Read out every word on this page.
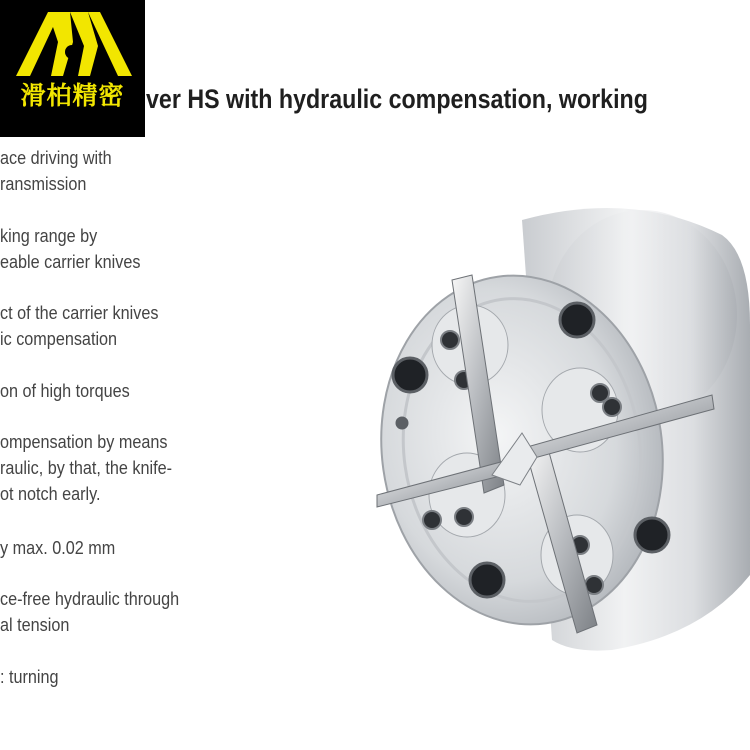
滑柏精密 ver HS with hydraulic compensation, working
ace driving with
ransmission
king range by
eable carrier knives
ct of the carrier knives
ic compensation
on of high torques
ompensation by means
raulic, by that, the knife-
ot notch early.
y max. 0.02 mm
ce-free hydraulic through
al tension
: turning
